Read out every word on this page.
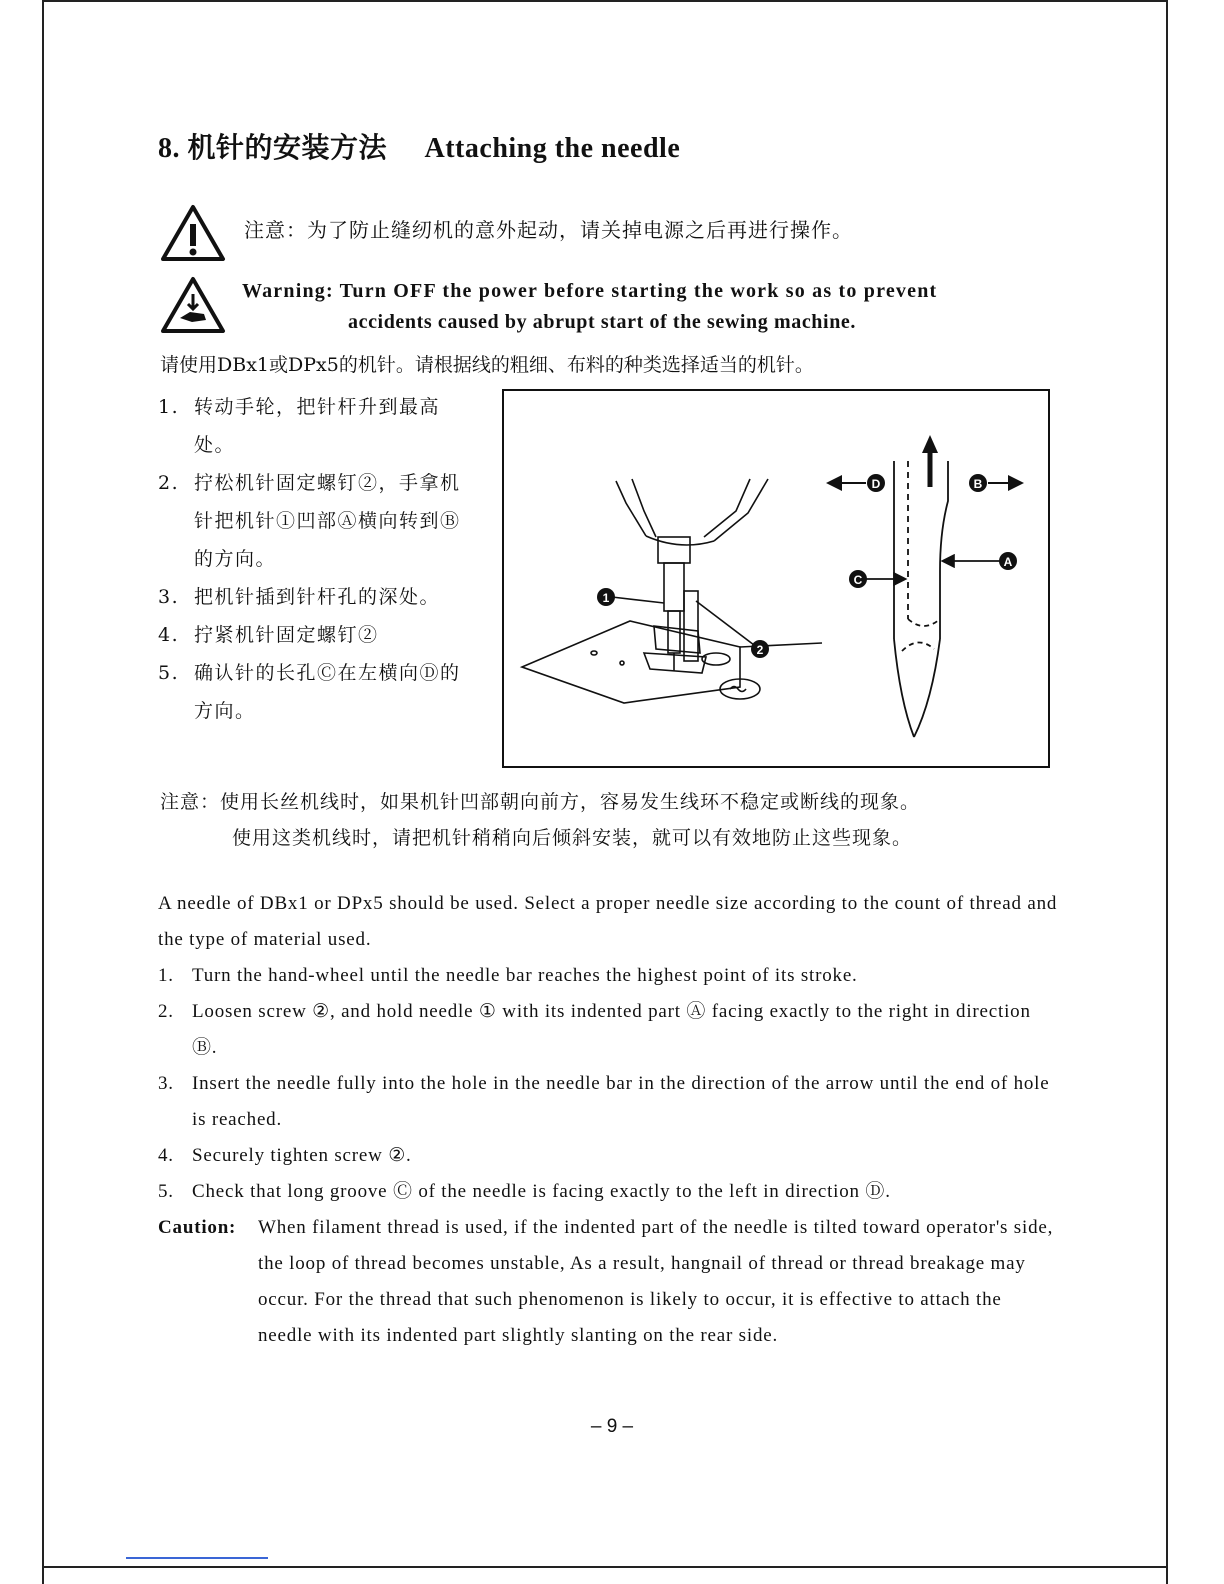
8. 机针的安装方法 Attaching the needle
注意：为了防止缝纫机的意外起动，请关掉电源之后再进行操作。
Warning: Turn OFF the power before starting the work so as to prevent
accidents caused by abrupt start of the sewing machine.
请使用DBx1或DPx5的机针。请根据线的粗细、布料的种类选择适当的机针。
1. 转动手轮，把针杆升到最高处。
2. 拧松机针固定螺钉②，手拿机针把机针①凹部Ⓐ横向转到Ⓑ的方向。
3. 把机针插到针杆孔的深处。
4. 拧紧机针固定螺钉②
5. 确认针的长孔Ⓒ在左横向Ⓓ的方向。
1
2
D	B
A
C
注意：使用长丝机线时，如果机针凹部朝向前方，容易发生线环不稳定或断线的现象。
使用这类机线时，请把机针稍稍向后倾斜安装，就可以有效地防止这些现象。

A needle of DBx1 or DPx5 should be used. Select a proper needle size according to the count of thread and the type of material used.

1. Turn the hand-wheel until the needle bar reaches the highest point of its stroke.
2. Loosen screw ②, and hold needle ① with its indented part Ⓐ facing exactly to the right in direction Ⓑ.
3. Insert the needle fully into the hole in the needle bar in the direction of the arrow until the end of hole is reached.
4. Securely tighten screw ②.
5. Check that long groove Ⓒ of the needle is facing exactly to the left in direction Ⓓ.
Caution: When filament thread is used, if the indented part of the needle is tilted toward operator's side, the loop of thread becomes unstable, As a result, hangnail of thread or thread breakage may occur. For the thread that such phenomenon is likely to occur, it is effective to attach the needle with its indented part slightly slanting on the rear side.
– 9 –
